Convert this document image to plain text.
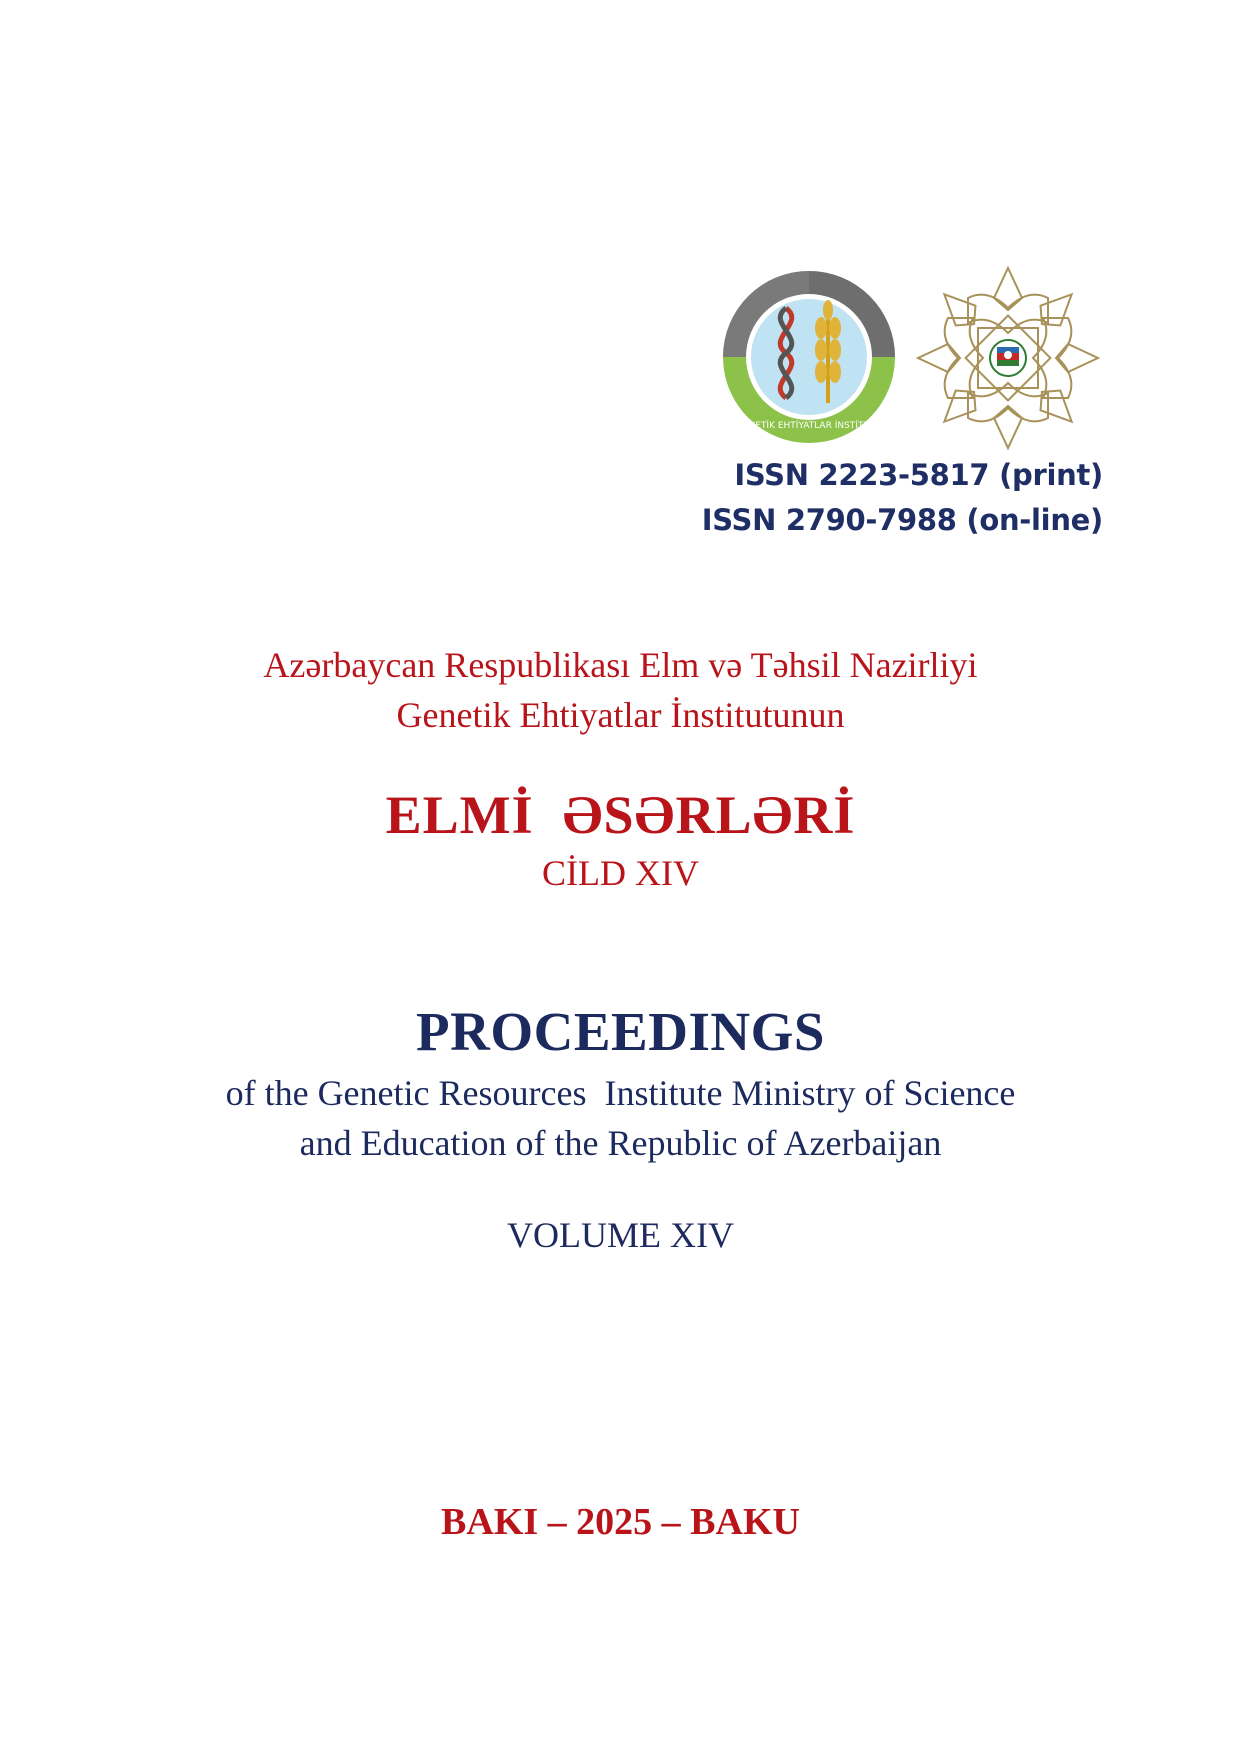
GENETİK EHTİYATLAR İNSTİTUTU
ISSN 2223-5817 (print)
ISSN 2790-7988 (on-line)
Azərbaycan Respublikası Elm və Təhsil Nazirliyi
Genetik Ehtiyatlar İnstitutunun
ELMİ  ƏSƏRLƏRİ
CİLD XIV
PROCEEDINGS
of the Genetic Resources  Institute Ministry of Science
and Education of the Republic of Azerbaijan
VOLUME XIV
BAKI – 2025 – BAKU
